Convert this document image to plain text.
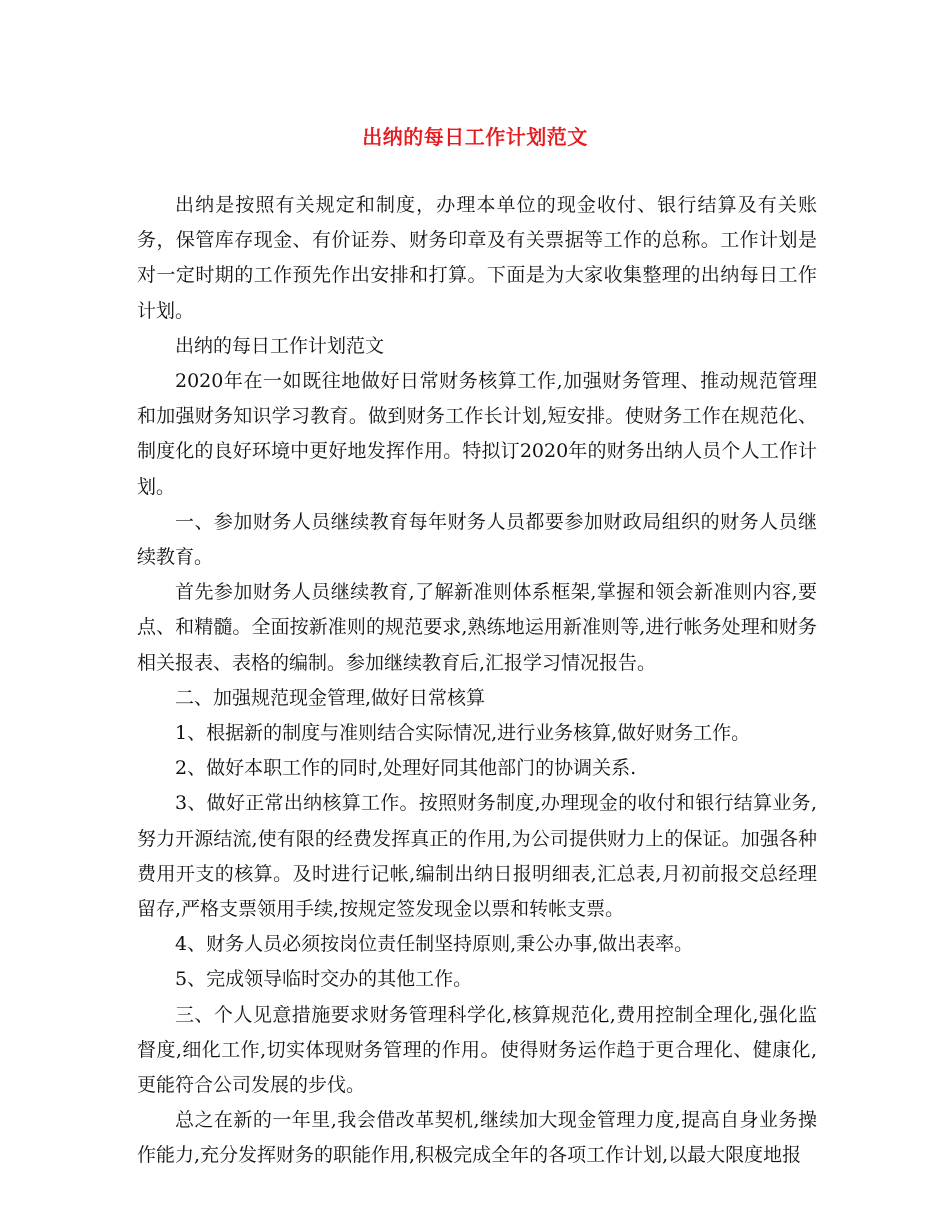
出纳的每日工作计划范文

出纳是按照有关规定和制度，办理本单位的现金收付、银行结算及有关账务，保管库存现金、有价证券、财务印章及有关票据等工作的总称。工作计划是对一定时期的工作预先作出安排和打算。下面是为大家收集整理的出纳每日工作计划。

出纳的每日工作计划范文

2020年在一如既往地做好日常财务核算工作,加强财务管理、推动规范管理和加强财务知识学习教育。做到财务工作长计划,短安排。使财务工作在规范化、制度化的良好环境中更好地发挥作用。特拟订2020年的财务出纳人员个人工作计划。

一、参加财务人员继续教育每年财务人员都要参加财政局组织的财务人员继续教育。

首先参加财务人员继续教育,了解新准则体系框架,掌握和领会新准则内容,要点、和精髓。全面按新准则的规范要求,熟练地运用新准则等,进行帐务处理和财务相关报表、表格的编制。参加继续教育后,汇报学习情况报告。

二、加强规范现金管理,做好日常核算

1、根据新的制度与准则结合实际情况,进行业务核算,做好财务工作。

2、做好本职工作的同时,处理好同其他部门的协调关系.

3、做好正常出纳核算工作。按照财务制度,办理现金的收付和银行结算业务,努力开源结流,使有限的经费发挥真正的作用,为公司提供财力上的保证。加强各种费用开支的核算。及时进行记帐,编制出纳日报明细表,汇总表,月初前报交总经理留存,严格支票领用手续,按规定签发现金以票和转帐支票。

4、财务人员必须按岗位责任制坚持原则,秉公办事,做出表率。

5、完成领导临时交办的其他工作。

三、个人见意措施要求财务管理科学化,核算规范化,费用控制全理化,强化监督度,细化工作,切实体现财务管理的作用。使得财务运作趋于更合理化、健康化,更能符合公司发展的步伐。

总之在新的一年里,我会借改革契机,继续加大现金管理力度,提高自身业务操作能力,充分发挥财务的职能作用,积极完成全年的各项工作计划,以最大限度地报
